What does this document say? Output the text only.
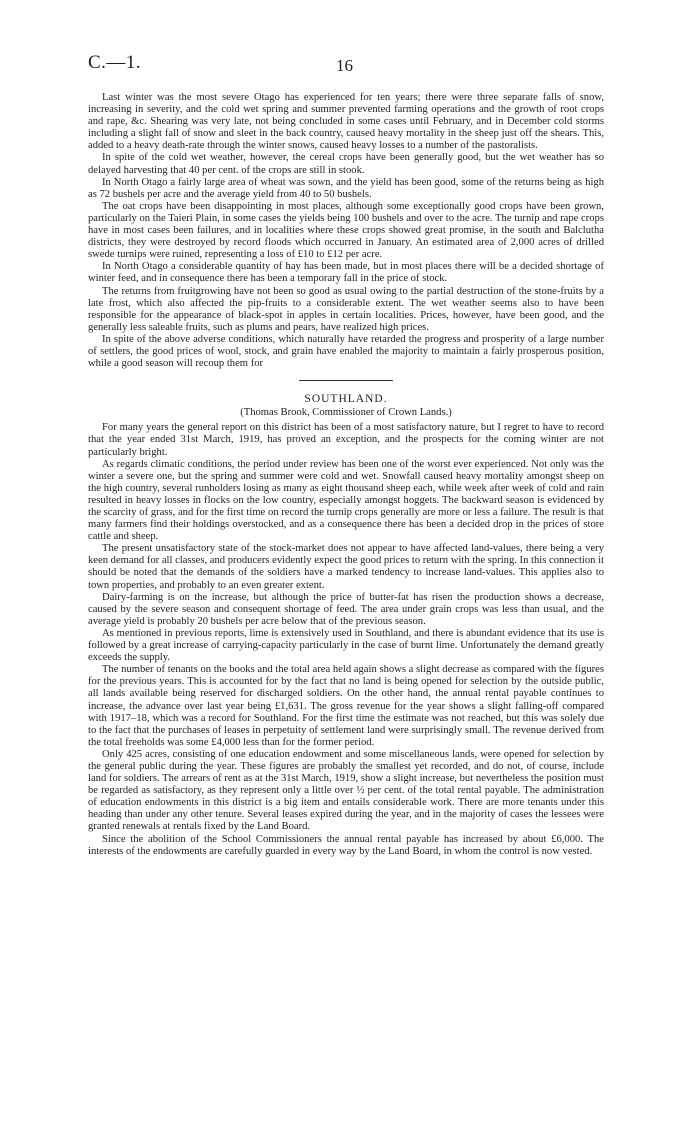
C.—1.	16

Last winter was the most severe Otago has experienced for ten years; there were three separate falls of snow, increasing in severity, and the cold wet spring and summer prevented farming operations and the growth of root crops and rape, &c. Shearing was very late, not being concluded in some cases until February, and in December cold storms including a slight fall of snow and sleet in the back country, caused heavy mortality in the sheep just off the shears. This, added to a heavy death-rate through the winter snows, caused heavy losses to a number of the pastoralists.

In spite of the cold wet weather, however, the cereal crops have been generally good, but the wet weather has so delayed harvesting that 40 per cent. of the crops are still in stook.

In North Otago a fairly large area of wheat was sown, and the yield has been good, some of the returns being as high as 72 bushels per acre and the average yield from 40 to 50 bushels.

The oat crops have been disappointing in most places, although some exceptionally good crops have been grown, particularly on the Taieri Plain, in some cases the yields being 100 bushels and over to the acre. The turnip and rape crops have in most cases been failures, and in localities where these crops showed great promise, in the south and Balclutha districts, they were destroyed by record floods which occurred in January. An estimated area of 2,000 acres of drilled swede turnips were ruined, representing a loss of £10 to £12 per acre.

In North Otago a considerable quantity of hay has been made, but in most places there will be a decided shortage of winter feed, and in consequence there has been a temporary fall in the price of stock.

The returns from fruitgrowing have not been so good as usual owing to the partial destruction of the stone-fruits by a late frost, which also affected the pip-fruits to a considerable extent. The wet weather seems also to have been responsible for the appearance of black-spot in apples in certain localities. Prices, however, have been good, and the generally less saleable fruits, such as plums and pears, have realized high prices.

In spite of the above adverse conditions, which naturally have retarded the progress and prosperity of a large number of settlers, the good prices of wool, stock, and grain have enabled the majority to maintain a fairly prosperous position, while a good season will recoup them for

SOUTHLAND.
(Thomas Brook, Commissioner of Crown Lands.)

For many years the general report on this district has been of a most satisfactory nature, but I regret to have to record that the year ended 31st March, 1919, has proved an exception, and the prospects for the coming winter are not particularly bright.

As regards climatic conditions, the period under review has been one of the worst ever experienced. Not only was the winter a severe one, but the spring and summer were cold and wet. Snowfall caused heavy mortality amongst sheep on the high country, several runholders losing as many as eight thousand sheep each, while week after week of cold and rain resulted in heavy losses in flocks on the low country, especially amongst hoggets. The backward season is evidenced by the scarcity of grass, and for the first time on record the turnip crops generally are more or less a failure. The result is that many farmers find their holdings overstocked, and as a consequence there has been a decided drop in the prices of store cattle and sheep.

The present unsatisfactory state of the stock-market does not appear to have affected land-values, there being a very keen demand for all classes, and producers evidently expect the good prices to return with the spring. In this connection it should be noted that the demands of the soldiers have a marked tendency to increase land-values. This applies also to town properties, and probably to an even greater extent.

Dairy-farming is on the increase, but although the price of butter-fat has risen the production shows a decrease, caused by the severe season and consequent shortage of feed. The area under grain crops was less than usual, and the average yield is probably 20 bushels per acre below that of the previous season.

As mentioned in previous reports, lime is extensively used in Southland, and there is abundant evidence that its use is followed by a great increase of carrying-capacity particularly in the case of burnt lime. Unfortunately the demand greatly exceeds the supply.

The number of tenants on the books and the total area held again shows a slight decrease as compared with the figures for the previous years. This is accounted for by the fact that no land is being opened for selection by the outside public, all lands available being reserved for discharged soldiers. On the other hand, the annual rental payable continues to increase, the advance over last year being £1,631. The gross revenue for the year shows a slight falling-off compared with 1917–18, which was a record for Southland. For the first time the estimate was not reached, but this was solely due to the fact that the purchases of leases in perpetuity of settlement land were surprisingly small. The revenue derived from the total freeholds was some £4,000 less than for the former period.

Only 425 acres, consisting of one education endowment and some miscellaneous lands, were opened for selection by the general public during the year. These figures are probably the smallest yet recorded, and do not, of course, include land for soldiers. The arrears of rent as at the 31st March, 1919, show a slight increase, but nevertheless the position must be regarded as satisfactory, as they represent only a little over ½ per cent. of the total rental payable. The administration of education endowments in this district is a big item and entails considerable work. There are more tenants under this heading than under any other tenure. Several leases expired during the year, and in the majority of cases the lessees were granted renewals at rentals fixed by the Land Board.

Since the abolition of the School Commissioners the annual rental payable has increased by about £6,000. The interests of the endowments are carefully guarded in every way by the Land Board, in whom the control is now vested.
